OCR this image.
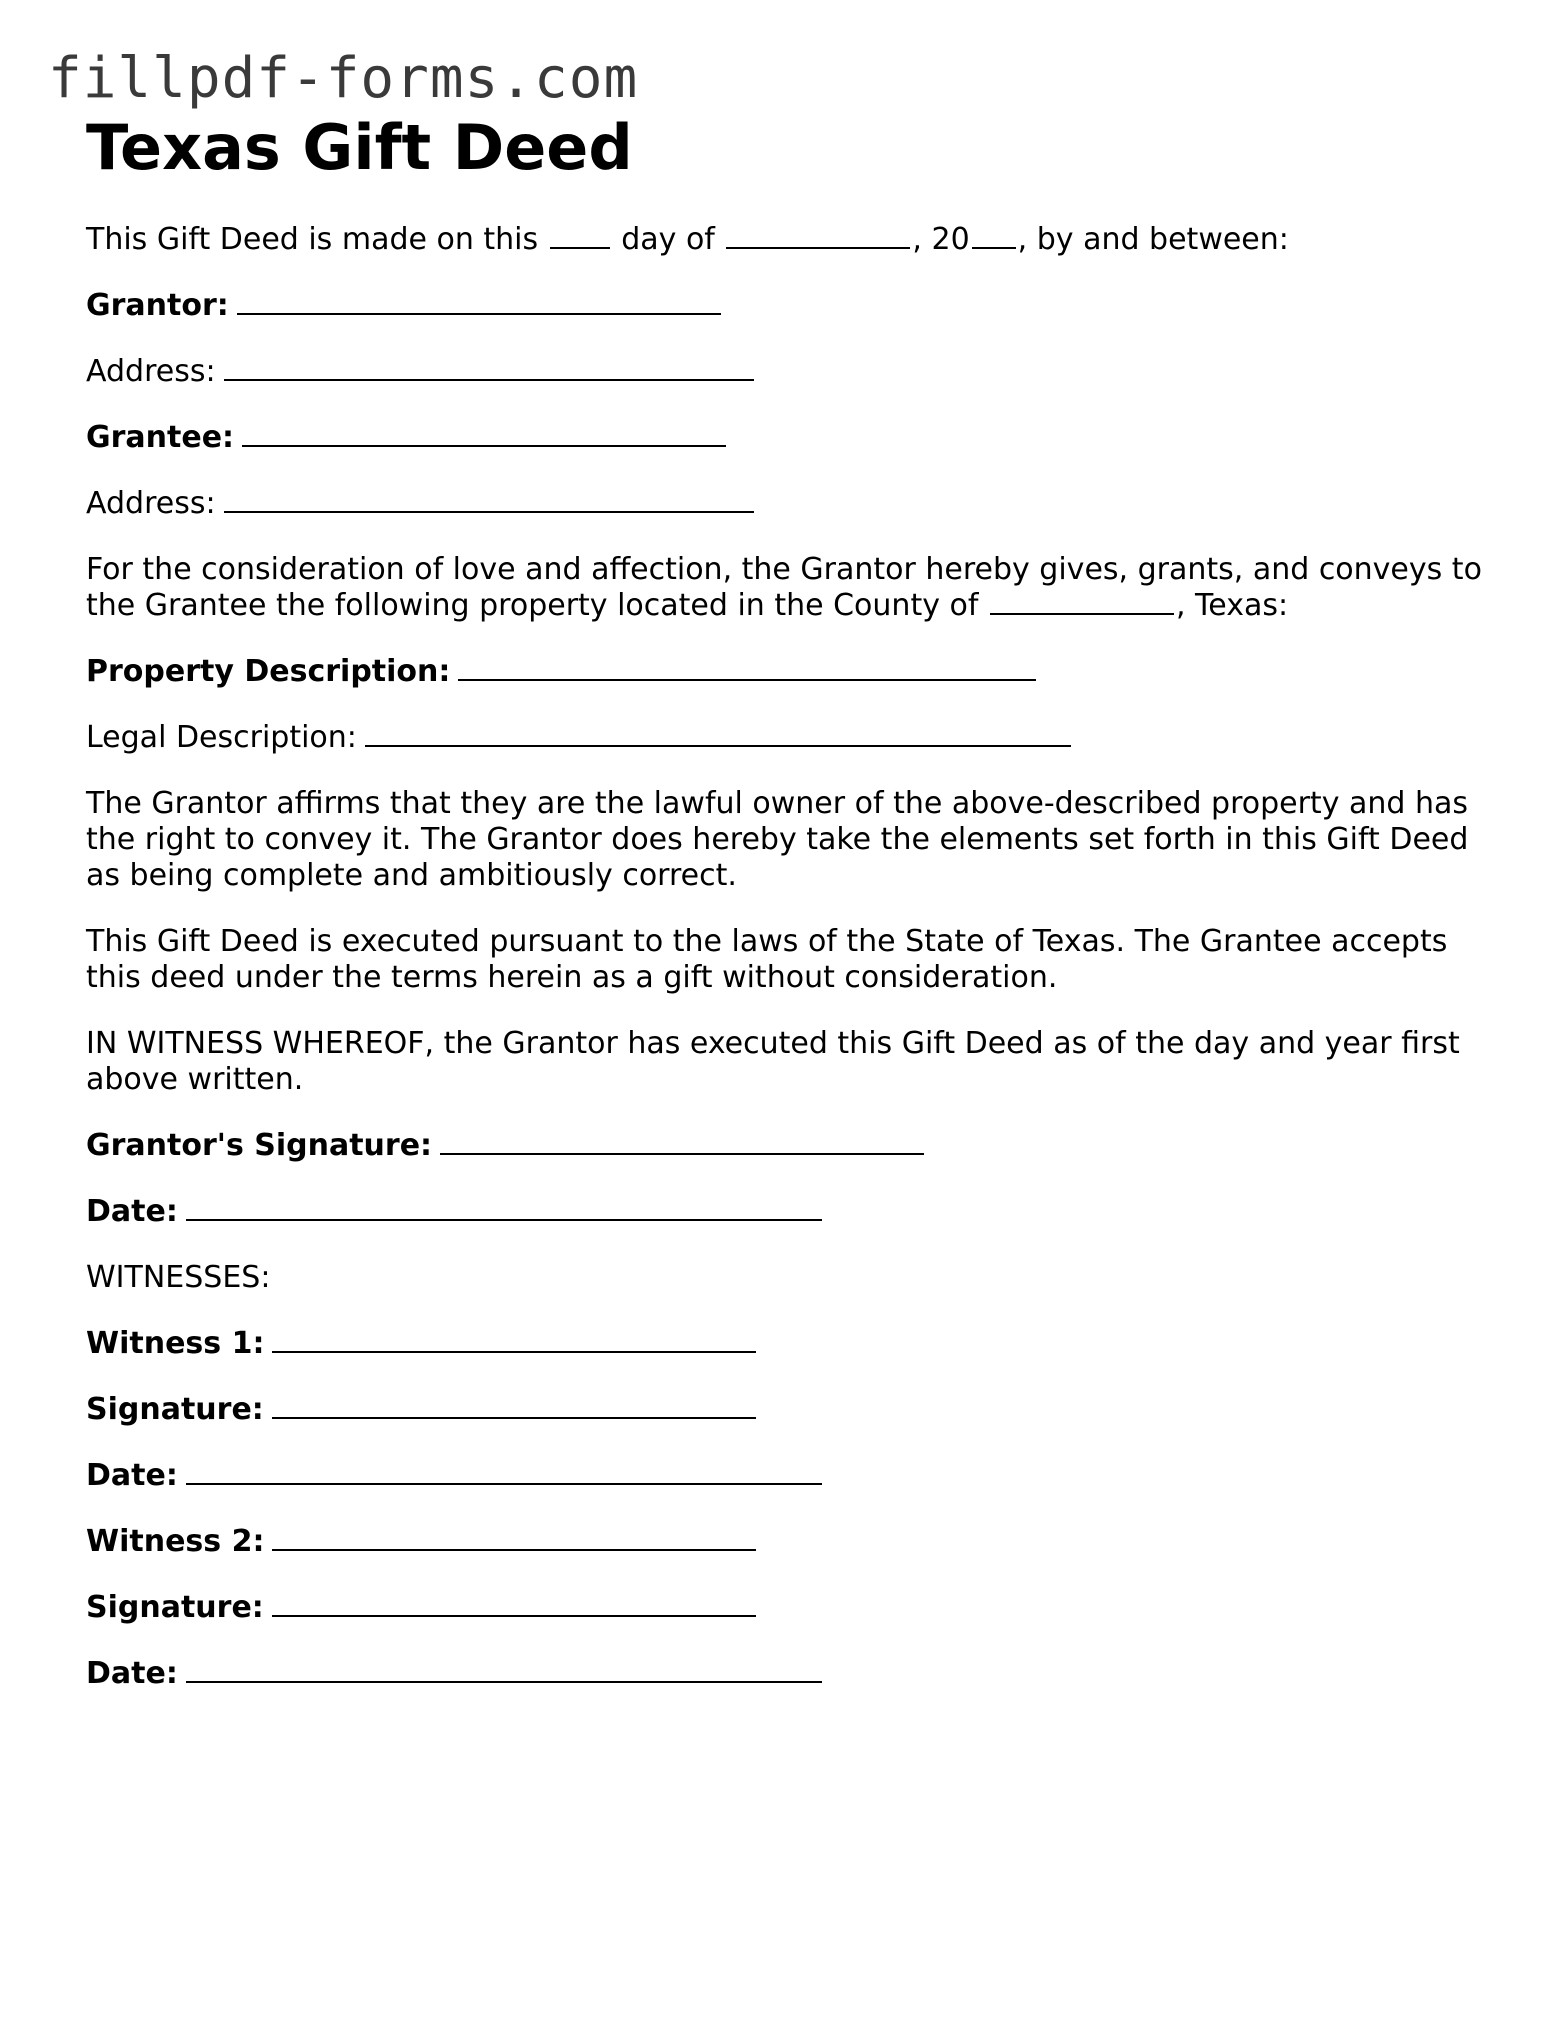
fillpdf-forms.com
Texas Gift Deed
This Gift Deed is made on this	day of	, 20 , by and between:
Grantor:
Address:
Grantee:
Address:
For the consideration of love and affection, the Grantor hereby gives, grants, and conveys to the Grantee the following property located in the County of	, Texas:
Property Description:
Legal Description:
The Grantor affirms that they are the lawful owner of the above-described property and has the right to convey it. The Grantor does hereby take the elements set forth in this Gift Deed as being complete and ambitiously correct.
This Gift Deed is executed pursuant to the laws of the State of Texas. The Grantee accepts this deed under the terms herein as a gift without consideration.
IN WITNESS WHEREOF, the Grantor has executed this Gift Deed as of the day and year first above written.
Grantor's Signature:
Date:
WITNESSES:
Witness 1:
Signature:
Date:
Witness 2:
Signature:
Date:
